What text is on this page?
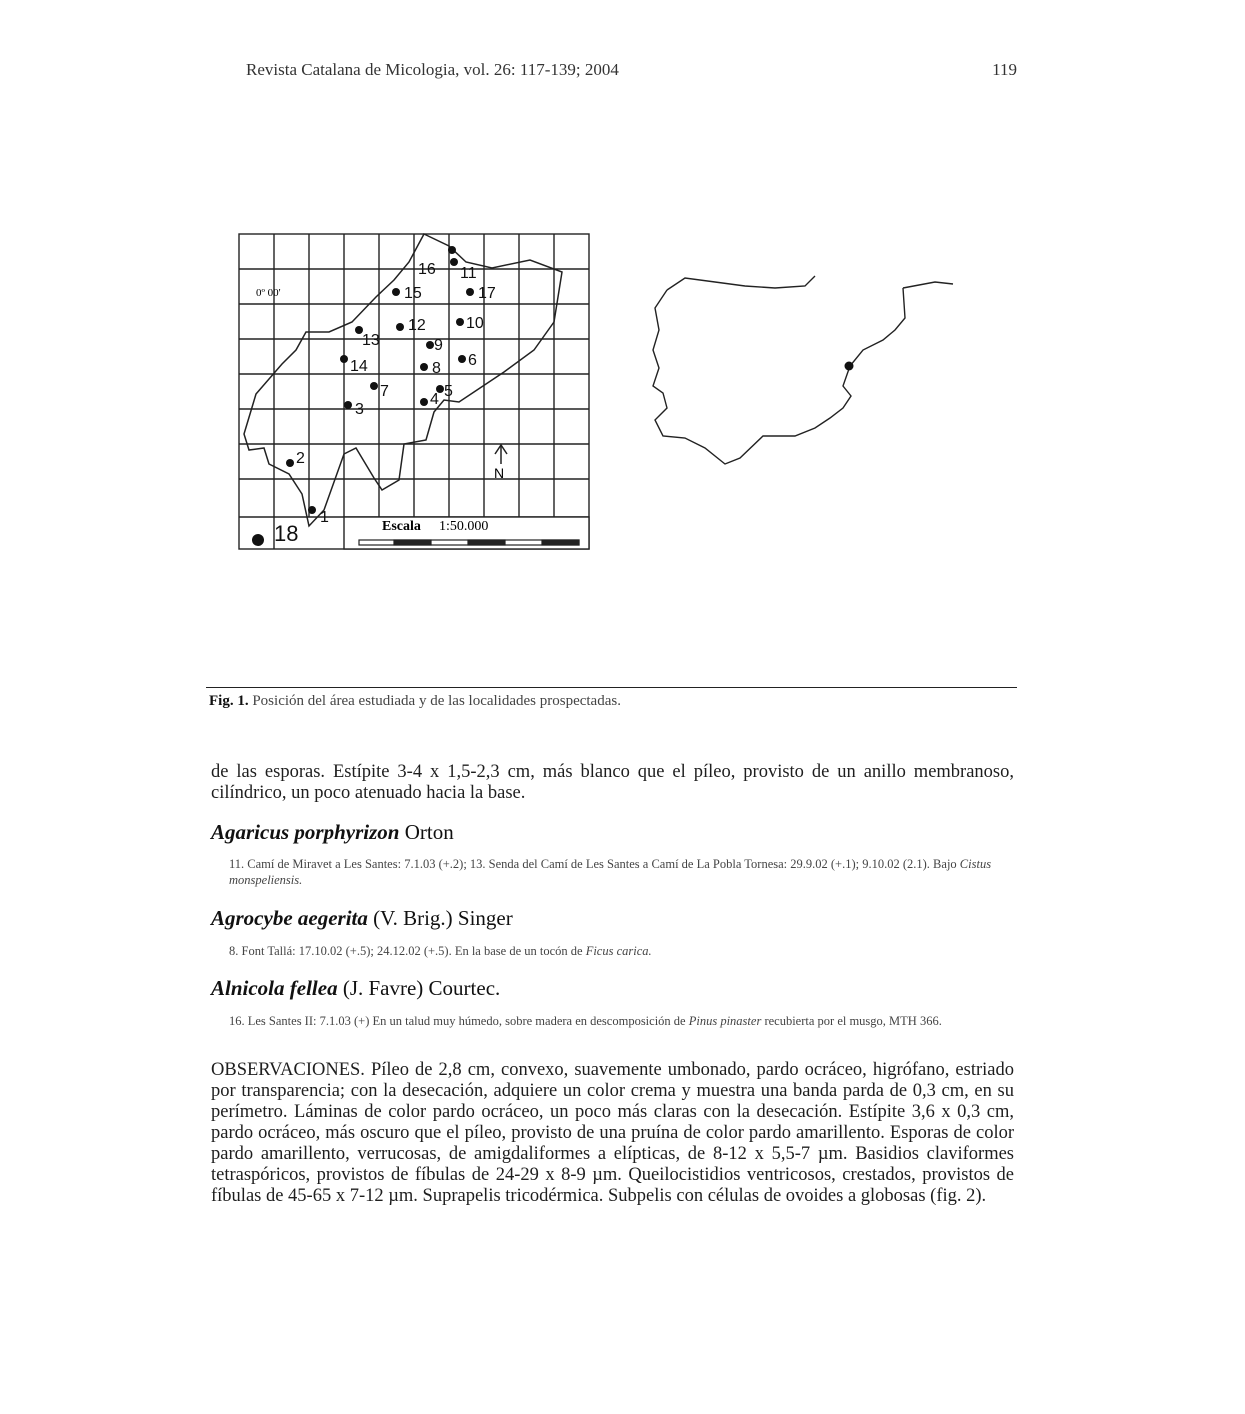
Revista Catalana de Micologia, vol. 26: 117-139; 2004	119
N
0º 00'
Escala 1:50.000
16 11
15	17
12	10
13	9
14	8 6
7	5
3
4
2
1
18
Fig. 1. Posición del área estudiada y de las localidades prospectadas.

de las esporas. Estípite 3-4 x 1,5-2,3 cm, más blanco que el píleo, provisto de un anillo membranoso, cilíndrico, un poco atenuado hacia la base.

Agaricus porphyrizon Orton
11. Camí de Miravet a Les Santes: 7.1.03 (+.2); 13. Senda del Camí de Les Santes a Camí de La Pobla Tornesa: 29.9.02 (+.1); 9.10.02 (2.1). Bajo Cistus monspeliensis.
Agrocybe aegerita (V. Brig.) Singer
8. Font Tallá: 17.10.02 (+.5); 24.12.02 (+.5). En la base de un tocón de Ficus carica.
Alnicola fellea (J. Favre) Courtec.
16. Les Santes II: 7.1.03 (+) En un talud muy húmedo, sobre madera en descomposición de Pinus pinaster recubierta por el musgo, MTH 366.

OBSERVACIONES. Píleo de 2,8 cm, convexo, suavemente umbonado, pardo ocráceo, higrófano, estriado por transparencia; con la desecación, adquiere un color crema y muestra una banda parda de 0,3 cm, en su perímetro. Láminas de color pardo ocráceo, un poco más claras con la desecación. Estípite 3,6 x 0,3 cm, pardo ocráceo, más oscuro que el píleo, provisto de una pruína de color pardo amarillento. Esporas de color pardo amarillento, verrucosas, de amigdaliformes a elípticas, de 8-12 x 5,5-7 µm. Basidios claviformes tetraspóricos, provistos de fíbulas de 24-29 x 8-9 µm. Queilocistidios ventricosos, crestados, provistos de fíbulas de 45-65 x 7-12 µm. Suprapelis tricodérmica. Subpelis con células de ovoides a globosas (fig. 2).
